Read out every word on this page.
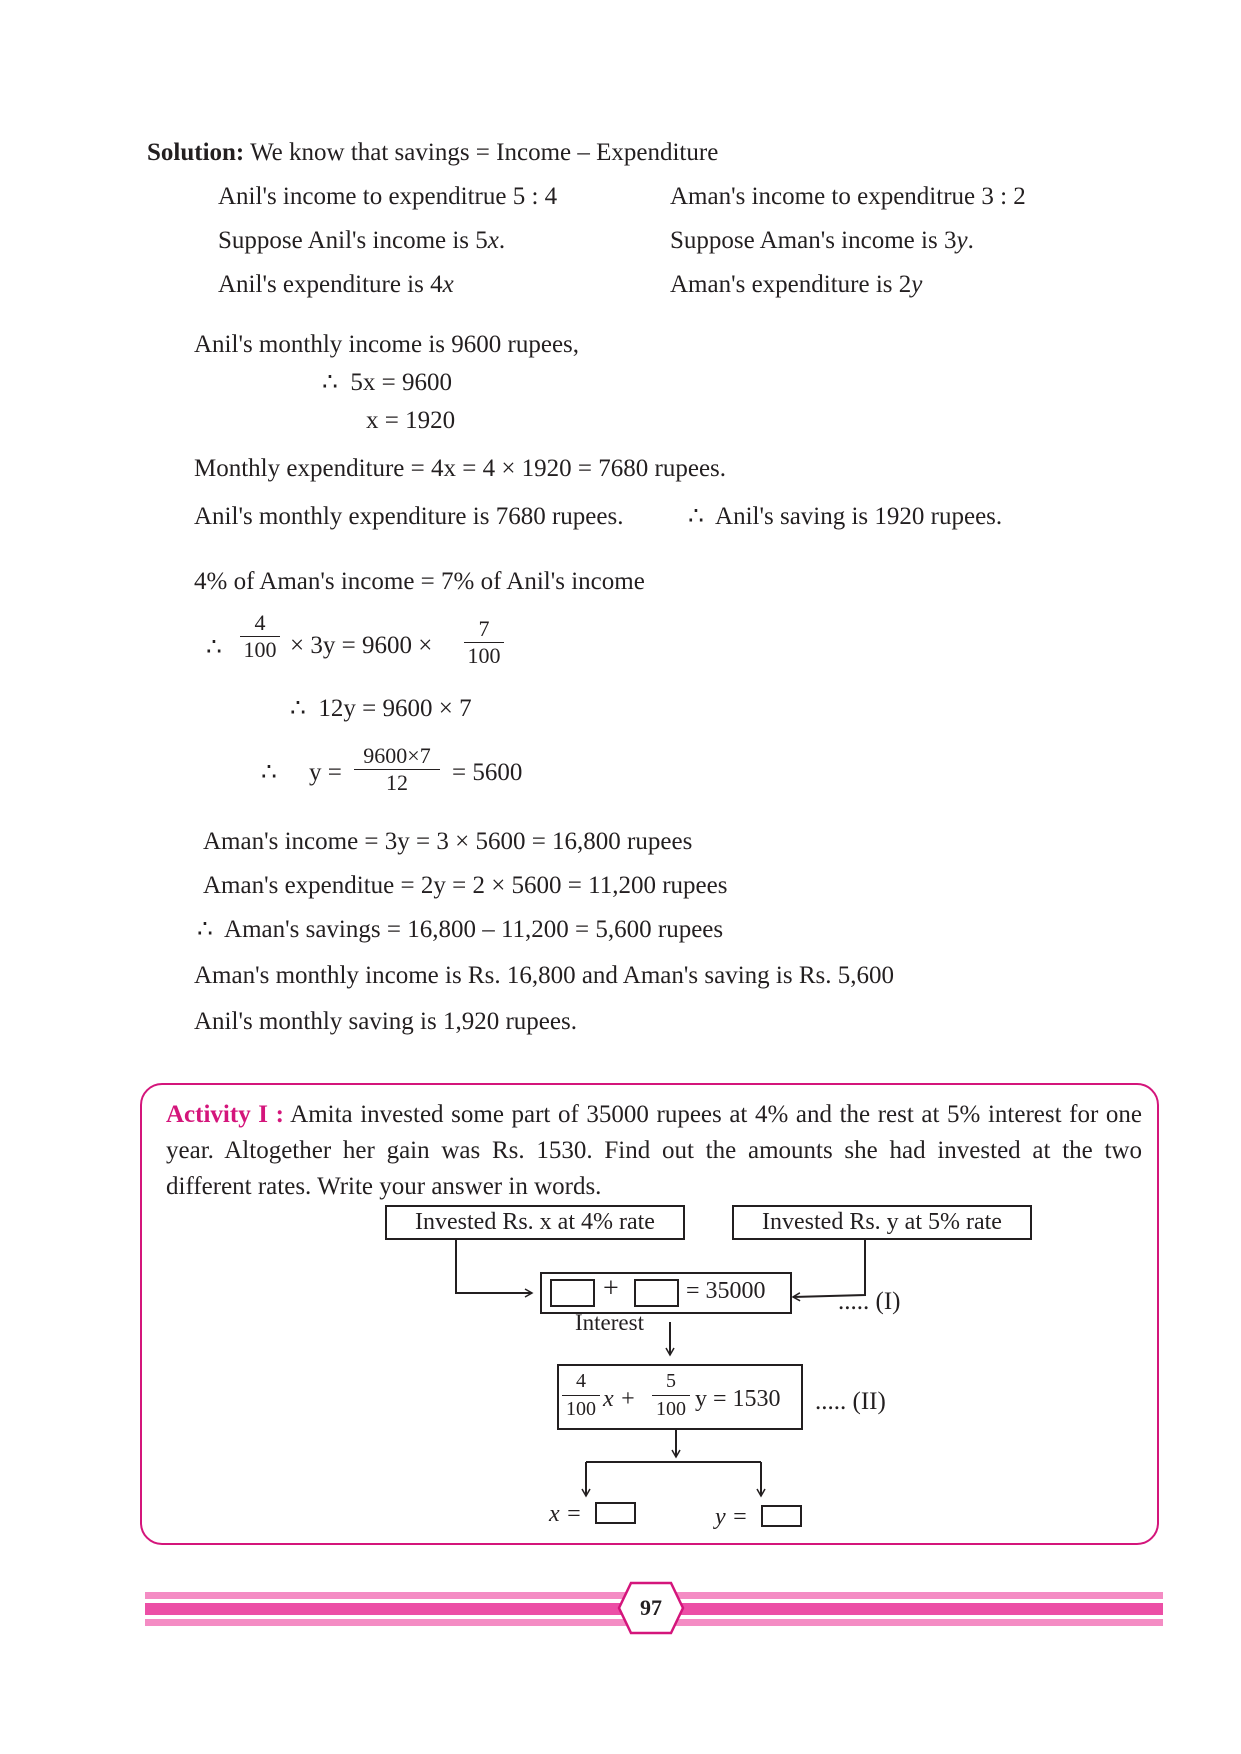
Solution: We know that savings = Income – Expenditure
Anil's income to expenditrue 5 : 4	Aman's income to expenditrue 3 : 2
Suppose Anil's income is 5x.	Suppose Aman's income is 3y.
Anil's expenditure is 4x	Aman's expenditure is 2y
Anil's monthly income is 9600 rupees,
∴ 5x = 9600
x = 1920
Monthly expenditure = 4x = 4 × 1920 = 7680 rupees.
Anil's monthly expenditure is 7680 rupees.	∴ Anil's saving is 1920 rupees.
4% of Aman's income = 7% of Anil's income
∴ $\frac{4}{100} \times 3y = 9600 \times \frac{7}{100}$
∴ 12y = 9600 × 7
∴ $y = \frac{9600\times 7}{12} = 5600$
Aman's income = 3y = 3 × 5600 = 16,800 rupees
Aman's expenditue = 2y = 2 × 5600 = 11,200 rupees
∴ Aman's savings = 16,800 – 11,200 = 5,600 rupees
Aman's monthly income is Rs. 16,800 and Aman's saving is Rs. 5,600
Anil's monthly saving is 1,920 rupees.
Activity I : Amita invested some part of 35000 rupees at 4% and the rest at 5% interest for one year. Altogether her gain was Rs. 1530. Find out the amounts she had invested at the two different rates. Write your answer in words.
Invested Rs. x at 4% rate	Invested Rs. y at 5% rate
+	= 35000	..... (I)
Interest
$\frac{4}{100}$ $x + \frac{5}{100}$ y = 1530 ..... (II)
x =	y =
97
